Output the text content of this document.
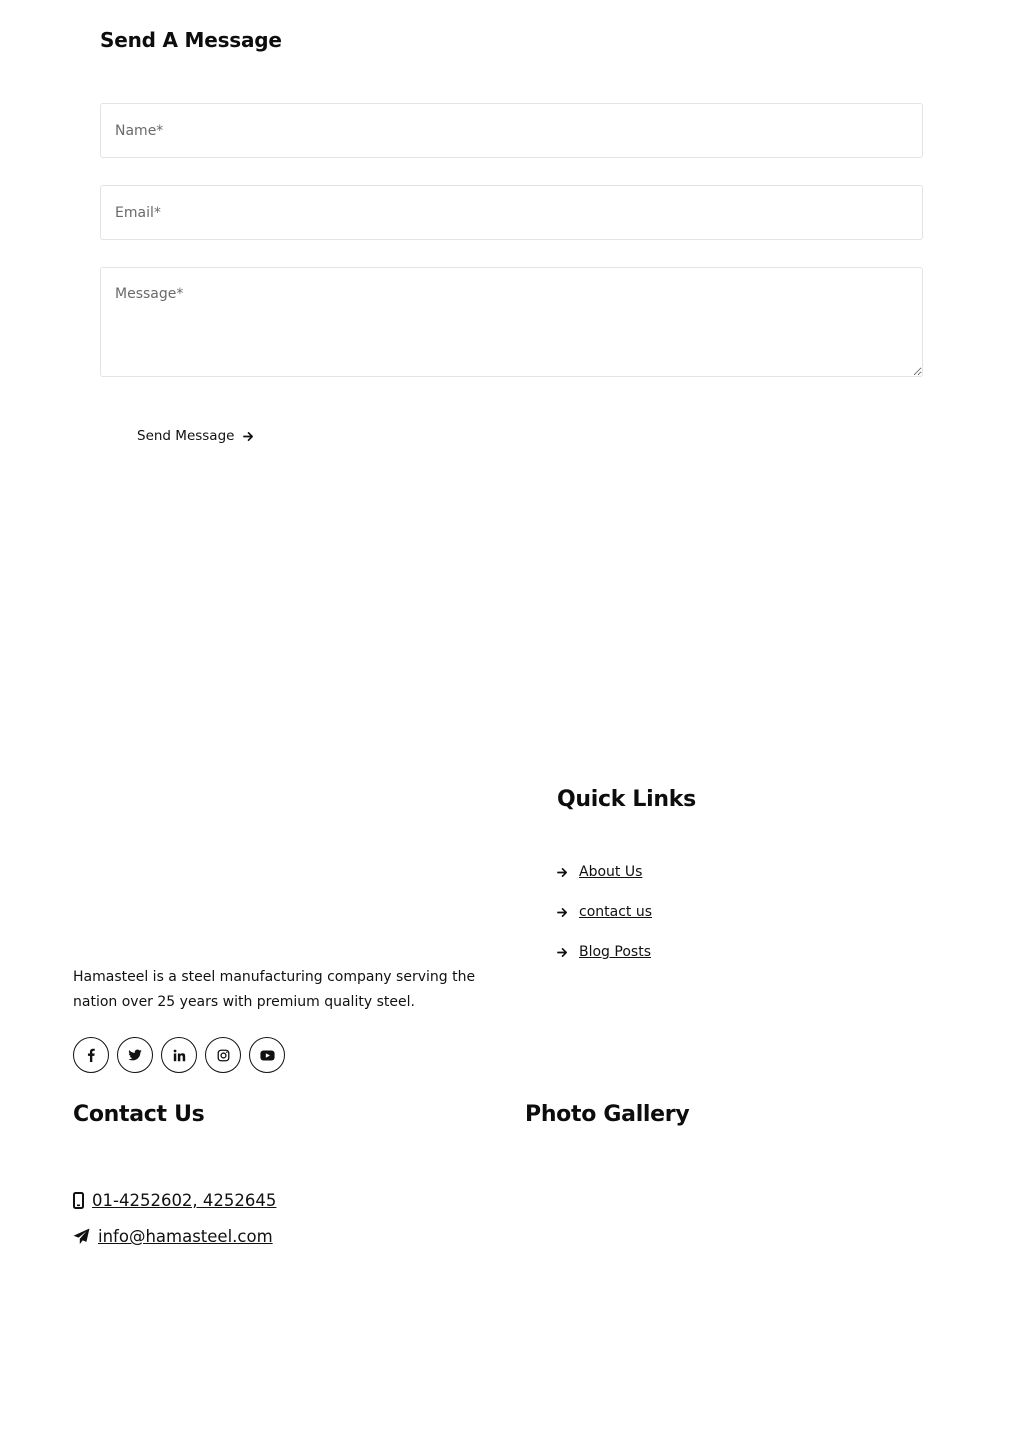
Send A Message
Name*
Email*
Message*
Send Message
Quick Links
About Us
contact us
Blog Posts

Hamasteel is a steel manufacturing company serving the nation over 25 years with premium quality steel.

Contact Us
01-4252602, 4252645
info@hamasteel.com
Photo Gallery
